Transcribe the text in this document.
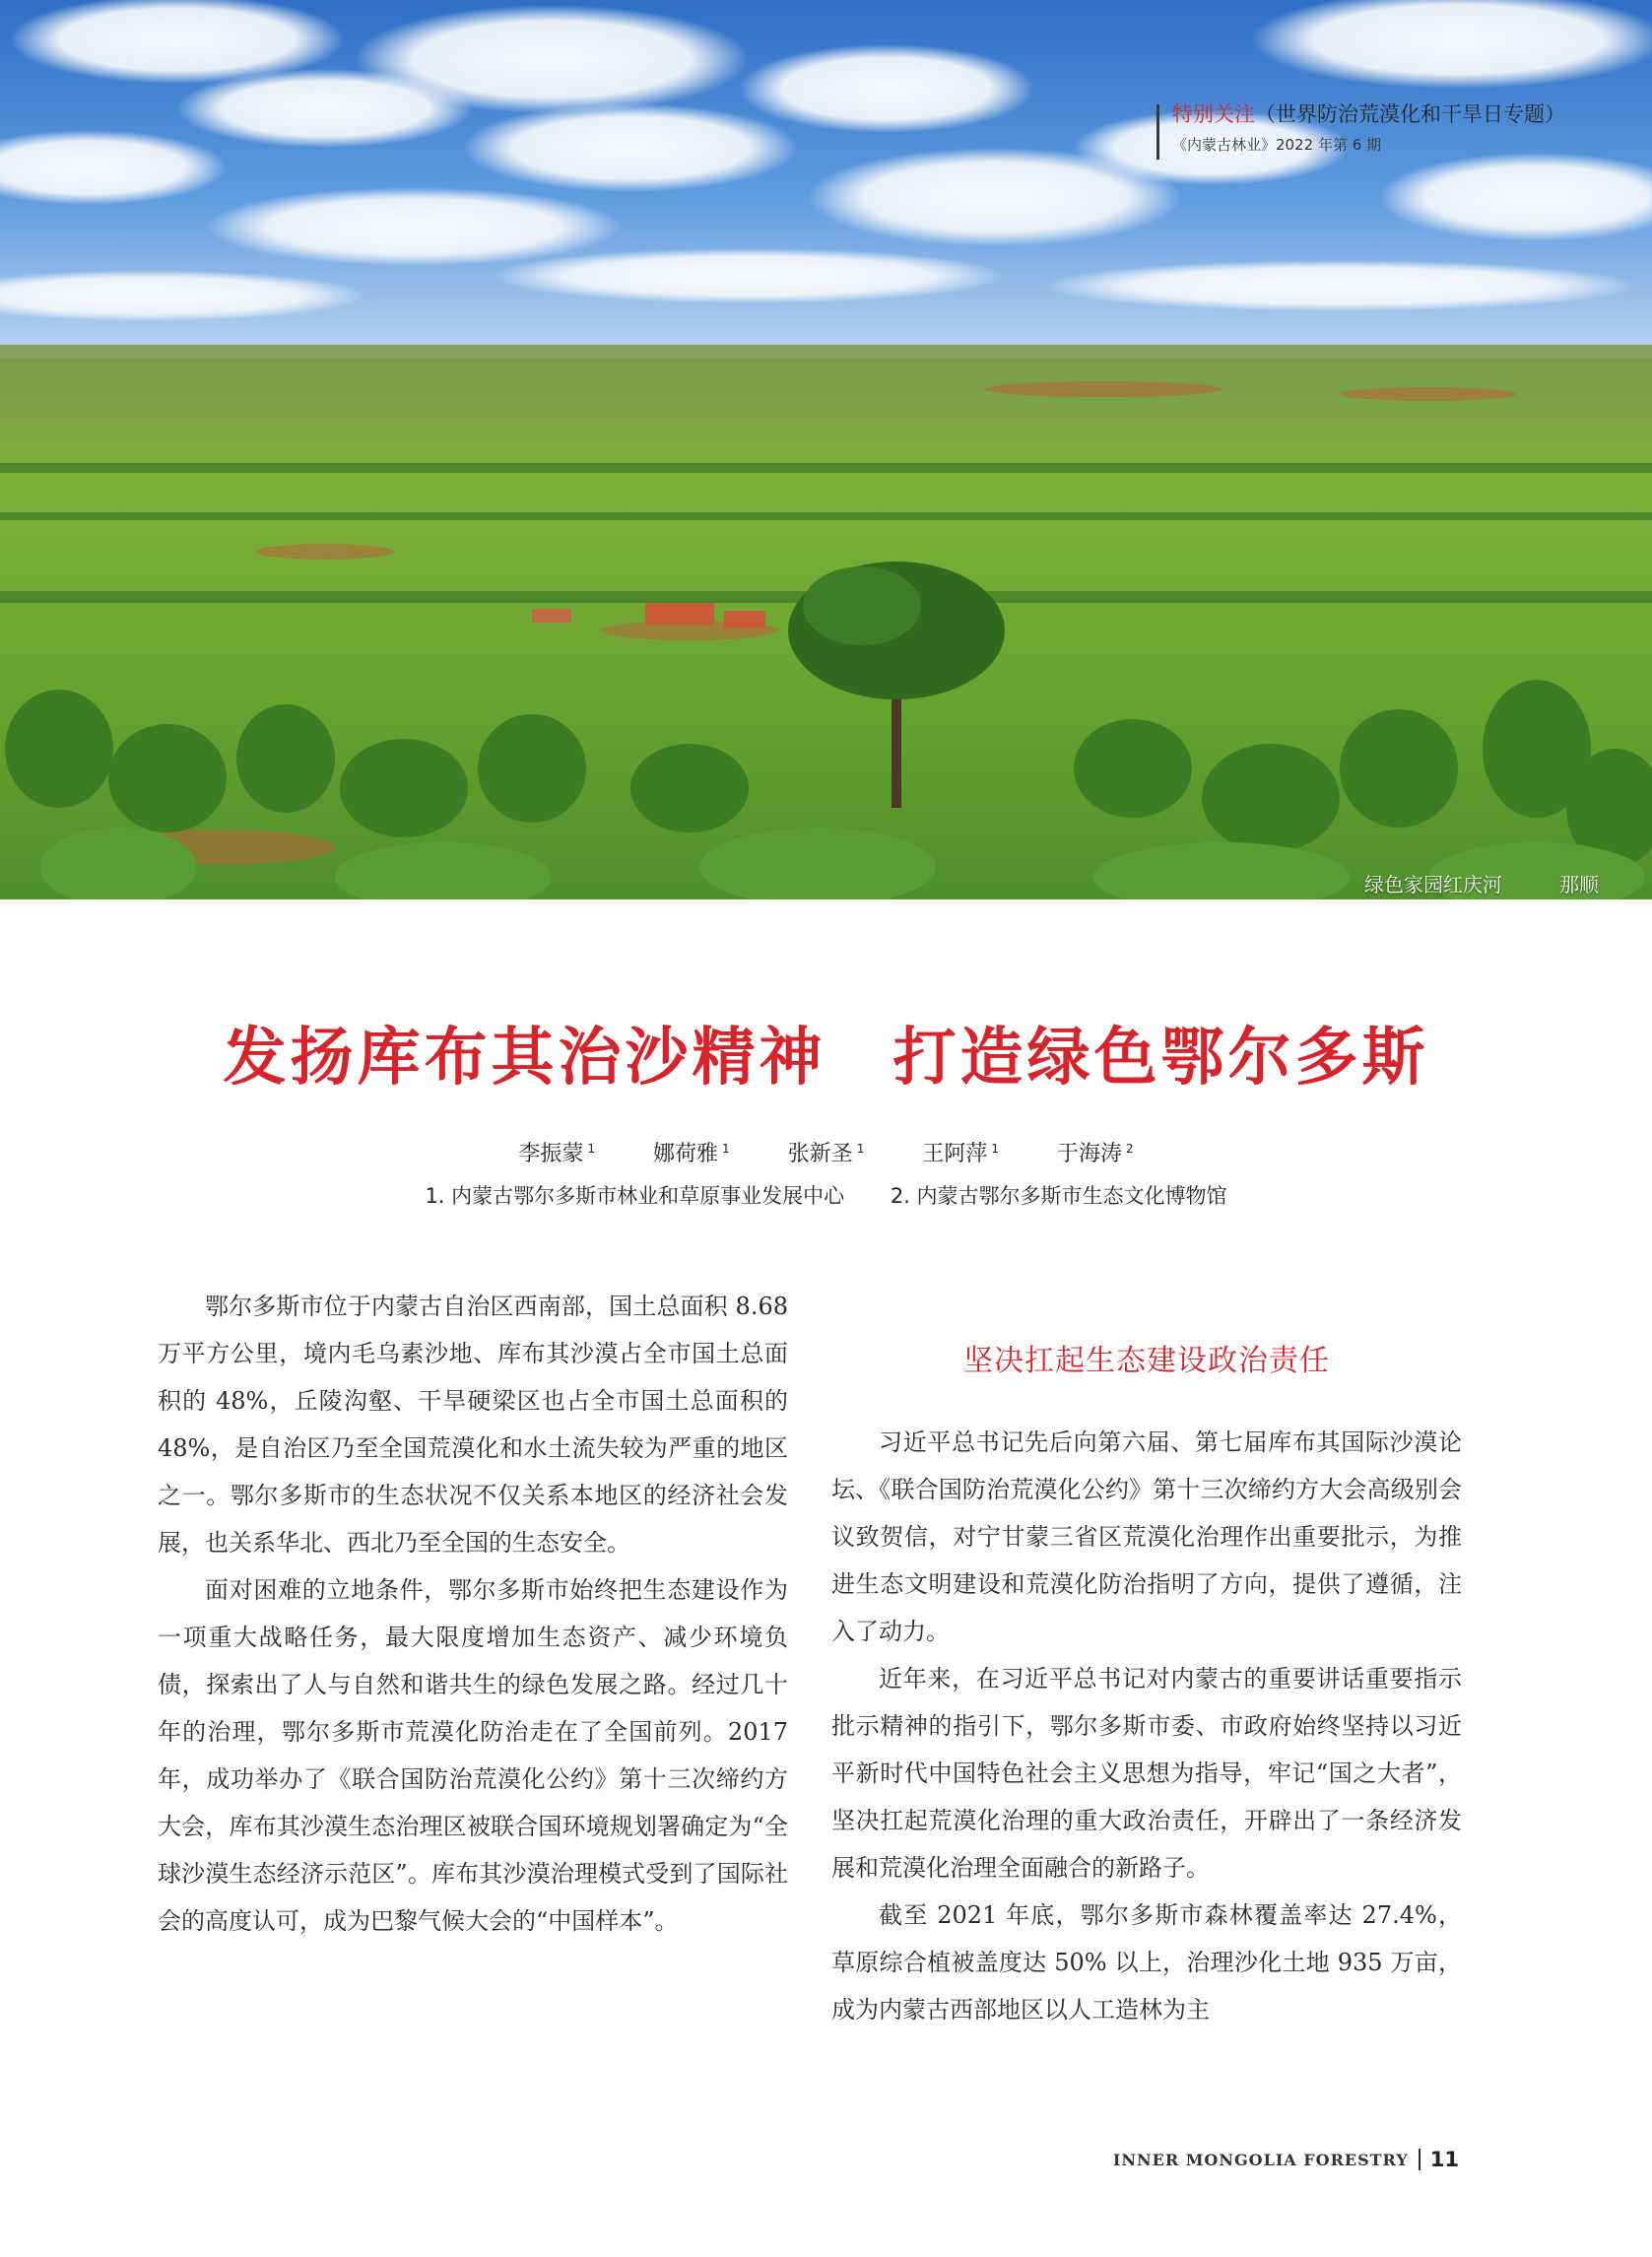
特别关注（世界防治荒漠化和干旱日专题）
《内蒙古林业》2022 年第 6 期
绿色家园红庆河	那顺
发扬库布其治沙精神　打造绿色鄂尔多斯
李振蒙 $^1$	娜荷雅 $^1$	张新圣 $^1$	王阿萍 $^1$	于海涛 $^2$
1. 内蒙古鄂尔多斯市林业和草原事业发展中心 2. 内蒙古鄂尔多斯市生态文化博物馆

鄂尔多斯市位于内蒙古自治区西南部，国土总面积 8.68 万平方公里，境内毛乌素沙地、库布其沙漠占全市国土总面积的 48%，丘陵沟壑、干旱硬梁区也占全市国土总面积的 48%，是自治区乃至全国荒漠化和水土流失较为严重的地区之一。鄂尔多斯市的生态状况不仅关系本地区的经济社会发展，也关系华北、西北乃至全国的生态安全。

面对困难的立地条件，鄂尔多斯市始终把生态建设作为一项重大战略任务，最大限度增加生态资产、减少环境负债，探索出了人与自然和谐共生的绿色发展之路。经过几十年的治理，鄂尔多斯市荒漠化防治走在了全国前列。2017 年，成功举办了《联合国防治荒漠化公约》第十三次缔约方大会，库布其沙漠生态治理区被联合国环境规划署确定为“全球沙漠生态经济示范区”。库布其沙漠治理模式受到了国际社会的高度认可，成为巴黎气候大会的“中国样本”。

坚决扛起生态建设政治责任

习近平总书记先后向第六届、第七届库布其国际沙漠论坛、《联合国防治荒漠化公约》第十三次缔约方大会高级别会议致贺信，对宁甘蒙三省区荒漠化治理作出重要批示，为推进生态文明建设和荒漠化防治指明了方向，提供了遵循，注入了动力。

近年来，在习近平总书记对内蒙古的重要讲话重要指示批示精神的指引下，鄂尔多斯市委、市政府始终坚持以习近平新时代中国特色社会主义思想为指导，牢记“国之大者”，坚决扛起荒漠化治理的重大政治责任，开辟出了一条经济发展和荒漠化治理全面融合的新路子。

截至 2021 年底，鄂尔多斯市森林覆盖率达 27.4%，草原综合植被盖度达 50% 以上，治理沙化土地 935 万亩，成为内蒙古西部地区以人工造林为主

INNER MONGOLIA FORESTRY 11
